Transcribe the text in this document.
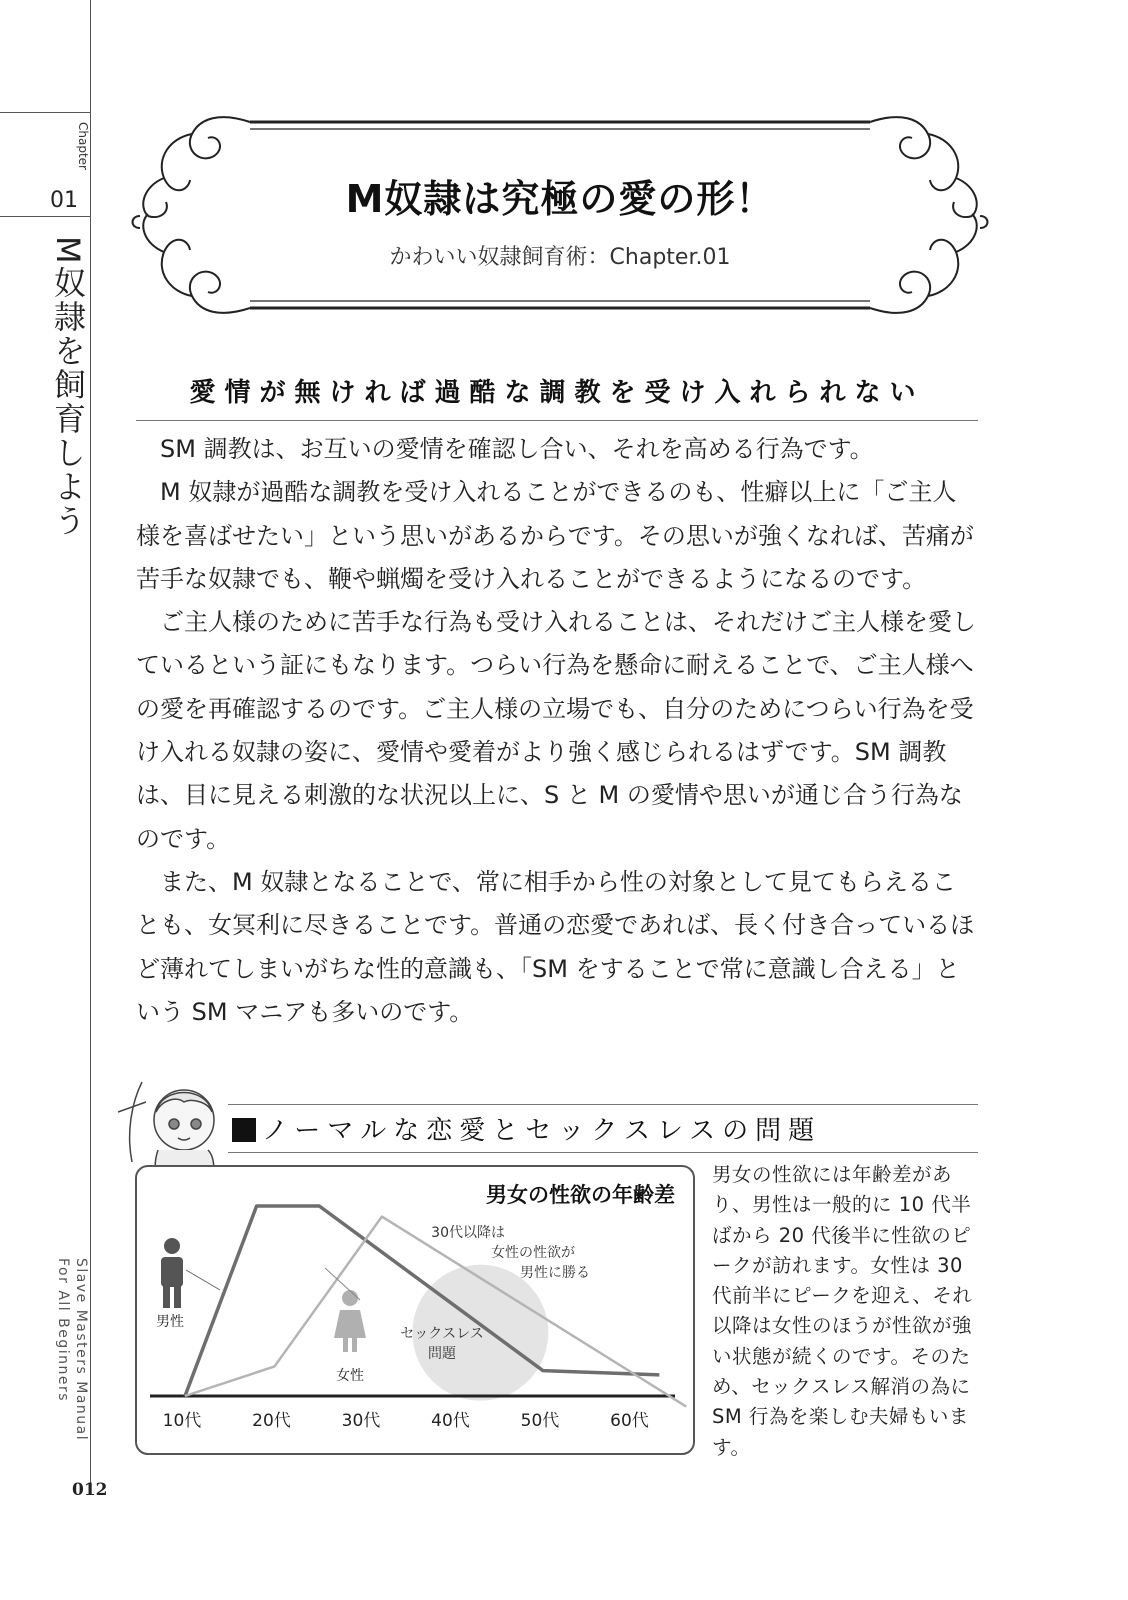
Chapter
01
M奴隷を飼育しよう
Slave Masters Manual For All Beginners
M奴隷は究極の愛の形！
かわいい奴隷飼育術：Chapter.01
愛情が無ければ過酷な調教を受け入れられない

SM 調教は、お互いの愛情を確認し合い、それを高める行為です。

M 奴隷が過酷な調教を受け入れることができるのも、性癖以上に「ご主人様を喜ばせたい」という思いがあるからです。その思いが強くなれば、苦痛が苦手な奴隷でも、鞭や蝋燭を受け入れることができるようになるのです。

ご主人様のために苦手な行為も受け入れることは、それだけご主人様を愛しているという証にもなります。つらい行為を懸命に耐えることで、ご主人様への愛を再確認するのです。ご主人様の立場でも、自分のためにつらい行為を受け入れる奴隷の姿に、愛情や愛着がより強く感じられるはずです。SM 調教は、目に見える刺激的な状況以上に、S と M の愛情や思いが通じ合う行為なのです。

また、M 奴隷となることで、常に相手から性の対象として見てもらえることも、女冥利に尽きることです。普通の恋愛であれば、長く付き合っているほど薄れてしまいがちな性的意識も、「SM をすることで常に意識し合える」という SM マニアも多いのです。

ノーマルな恋愛とセックスレスの問題
男女の性欲の年齢差
10代	20代	30代	40代	50代	60代
男性
女性
30代以降は
女性の性欲が
男性に勝る
セックスレス
問題
男女の性欲には年齢差があり、男性は一般的に 10 代半ばから 20 代後半に性欲のピークが訪れます。女性は 30 代前半にピークを迎え、それ以降は女性のほうが性欲が強い状態が続くのです。そのため、セックスレス解消の為に SM 行為を楽しむ夫婦もいます。
012
